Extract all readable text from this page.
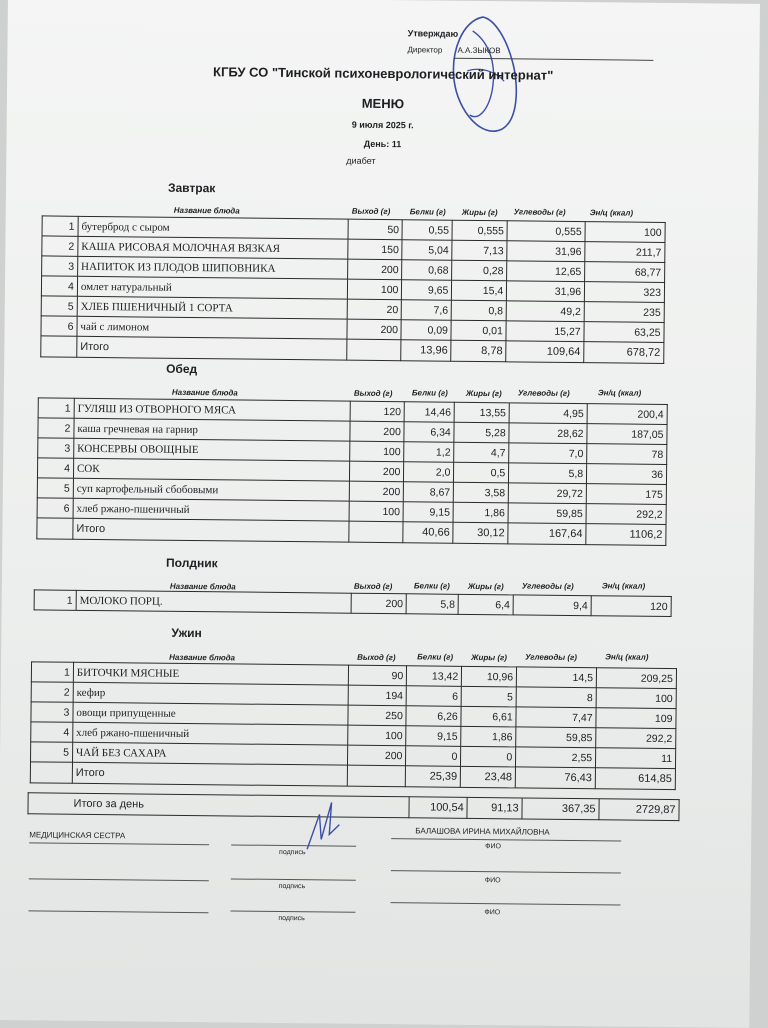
Утверждаю
Директор А.А.ЗЫКОВ
КГБУ СО "Тинской психоневрологический интернат"
МЕНЮ
9 июля 2025 г.
День: 11
диабет
Завтрак
Название блюда	Выход (г) Белки (г) Жиры (г) Углеводы (г)	Эн/ц (ккал)
1	бутерброд с сыром	50	0,55	0,555	0,555	100
2	КАША РИСОВАЯ МОЛОЧНАЯ ВЯЗКАЯ	150	5,04	7,13	31,96	211,7
3	НАПИТОК ИЗ ПЛОДОВ ШИПОВНИКА	200	0,68	0,28	12,65	68,77
4	омлет натуральный	100	9,65	15,4	31,96	323
5	ХЛЕБ ПШЕНИЧНЫЙ 1 СОРТА	20	7,6	0,8	49,2	235
6	чай с лимоном	200	0,09	0,01	15,27	63,25
	Итого		13,96	8,78	109,64	678,72
Обед
Название блюда	Выход (г) Белки (г) Жиры (г) Углеводы (г)	Эн/ц (ккал)
1	ГУЛЯШ ИЗ ОТВОРНОГО МЯСА	120	14,46	13,55	4,95	200,4
2	каша гречневая на гарнир	200	6,34	5,28	28,62	187,05
3	КОНСЕРВЫ ОВОЩНЫЕ	100	1,2	4,7	7,0	78
4	СОК	200	2,0	0,5	5,8	36
5	суп картофельный сбобовыми	200	8,67	3,58	29,72	175
6	хлеб ржано-пшеничный	100	9,15	1,86	59,85	292,2
	Итого		40,66	30,12	167,64	1106,2
Полдник
Название блюда	Выход (г)	Белки (г) Жиры (г) Углеводы (г)	Эн/ц (ккал)
1	МОЛОКО ПОРЦ.	200	5,8	6,4	9,4	120
Ужин
Название блюда	Выход (г)	Белки (г) Жиры (г) Углеводы (г)	Эн/ц (ккал)
1	БИТОЧКИ МЯСНЫЕ	90	13,42	10,96	14,5	209,25
2	кефир	194	6	5	8	100
3	овощи припущенные	250	6,26	6,61	7,47	109
4	хлеб ржано-пшеничный	100	9,15	1,86	59,85	292,2
5	ЧАЙ БЕЗ САХАРА	200	0	0	2,55	11
	Итого		25,39	23,48	76,43	614,85
Итого за день	100,54	91,13	367,35	2729,87
МЕДИЦИНСКАЯ СЕСТРА
подпись
БАЛАШОВА ИРИНА МИХАЙЛОВНА
ФИО
подпись
ФИО
подпись
ФИО
